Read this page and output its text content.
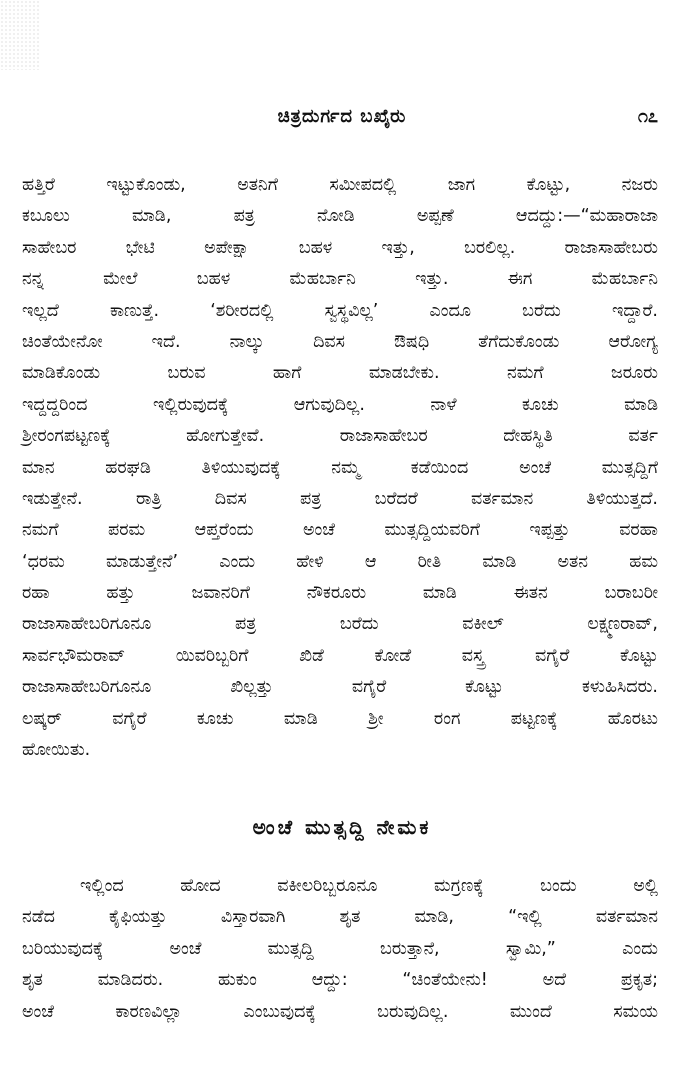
ಚಿತ್ರದುರ್ಗದ ಬಖೈರು	೧೭
ಹತ್ತಿರೆ ಇಟ್ಟುಕೊಂಡು, ಅತನಿಗೆ ಸಮೀಪದಲ್ಲಿ ಜಾಗ ಕೊಟ್ಟು, ನಜರು
ಕಬೂಲು ಮಾಡಿ, ಪತ್ರ ನೋಡಿ ಅಪ್ಪಣೆ ಆದದ್ದು:—“ಮಹಾರಾಜಾ
ಸಾಹೇಬರ ಭೇಟಿ ಅಪೇಕ್ಷಾ ಬಹಳ ಇತ್ತು, ಬರಲಿಲ್ಲ. ರಾಜಾಸಾಹೇಬರು
ನನ್ನ ಮೇಲೆ ಬಹಳ ಮೆಹರ್ಬಾನಿ ಇತ್ತು. ಈಗ ಮೆಹರ್ಬಾನಿ
ಇಲ್ಲದೆ ಕಾಣುತ್ತೆ. ‘ಶರೀರದಲ್ಲಿ ಸ್ವಸ್ಥವಿಲ್ಲ’ ಎಂದೂ ಬರೆದು ಇದ್ದಾರೆ.
ಚಿಂತೆಯೇನೋ ಇದೆ. ನಾಲ್ಕು ದಿವಸ ಔಷಧಿ ತೆಗೆದುಕೊಂಡು ಆರೋಗ್ಯ
ಮಾಡಿಕೊಂಡು ಬರುವ ಹಾಗೆ ಮಾಡಬೇಕು. ನಮಗೆ ಜರೂರು
ಇದ್ದದ್ದರಿಂದ ಇಲ್ಲಿರುವುದಕ್ಕೆ ಆಗುವುದಿಲ್ಲ. ನಾಳೆ ಕೂಚು ಮಾಡಿ
ಶ್ರೀರಂಗಪಟ್ಟಣಕ್ಕೆ ಹೋಗುತ್ತೇವೆ. ರಾಜಾಸಾಹೇಬರ ದೇಹಸ್ಥಿತಿ ವರ್ತ
ಮಾನ ಹರಘಡಿ ತಿಳಿಯುವುದಕ್ಕೆ ನಮ್ಮ ಕಡೆಯಿಂದ ಅಂಚೆ ಮುತ್ಸದ್ದಿಗೆ
ಇಡುತ್ತೇನೆ. ರಾತ್ರಿ ದಿವಸ ಪತ್ರ ಬರೆದರೆ ವರ್ತಮಾನ ತಿಳಿಯುತ್ತದೆ.
ನಮಗೆ ಪರಮ ಆಪ್ತರೆಂದು ಅಂಚೆ ಮುತ್ಸದ್ದಿಯವರಿಗೆ ಇಪ್ಪತ್ತು ವರಹಾ
‘ಧರಮ ಮಾಡುತ್ತೇನೆ’ ಎಂದು ಹೇಳಿ ಆ ರೀತಿ ಮಾಡಿ ಅತನ ಹಮ
ರಹಾ ಹತ್ತು ಜವಾನರಿಗೆ ನೌಕರೂರು ಮಾಡಿ ಈತನ ಬರಾಬರೀ
ರಾಜಾಸಾಹೇಬರಿಗೂನೂ ಪತ್ರ ಬರೆದು ವಕೀಲ್ ಲಕ್ಷ್ಮಣರಾವ್,
ಸಾರ್ವಭೌಮರಾವ್ ಯಿವರಿಬ್ಬರಿಗೆ ಖಿಡೆ ಕೋಡೆ ವಸ್ತ್ರ ವಗೈರೆ ಕೊಟ್ಟು
ರಾಜಾಸಾಹೇಬರಿಗೂನೂ ಖಿಲ್ಲತ್ತು ವಗೈರೆ ಕೊಟ್ಟು ಕಳುಹಿಸಿದರು.
ಲಷ್ಕರ್ ವಗೈರೆ ಕೂಚು ಮಾಡಿ ಶ್ರೀ ರಂಗ ಪಟ್ಟಣಕ್ಕೆ ಹೊರಟು
ಹೋಯಿತು.
ಅಂಚೆ ಮುತ್ಸದ್ದಿ ನೇಮಕ
ಇಲ್ಲಿಂದ ಹೋದ ವಕೀಲರಿಬ್ಬರೂನೂ ಮಗ್ರಣಕ್ಕೆ ಬಂದು ಅಲ್ಲಿ
ನಡೆದ ಕೈಫಿಯತ್ತು ವಿಸ್ತಾರವಾಗಿ ಶೃತ ಮಾಡಿ, “ಇಲ್ಲಿ ವರ್ತಮಾನ
ಬರಿಯುವುದಕ್ಕೆ ಅಂಚೆ ಮುತ್ಸದ್ದಿ ಬರುತ್ತಾನೆ, ಸ್ವಾಮಿ,” ಎಂದು
ಶೃತ ಮಾಡಿದರು. ಹುಕುಂ ಆದ್ದು: “ಚಿಂತೆಯೇನು! ಅದೆ ಪ್ರಕೃತ;
ಅಂಚೆ ಕಾರಣವಿಲ್ಲಾ ಎಂಬುವುದಕ್ಕೆ ಬರುವುದಿಲ್ಲ. ಮುಂದೆ ಸಮಯ
